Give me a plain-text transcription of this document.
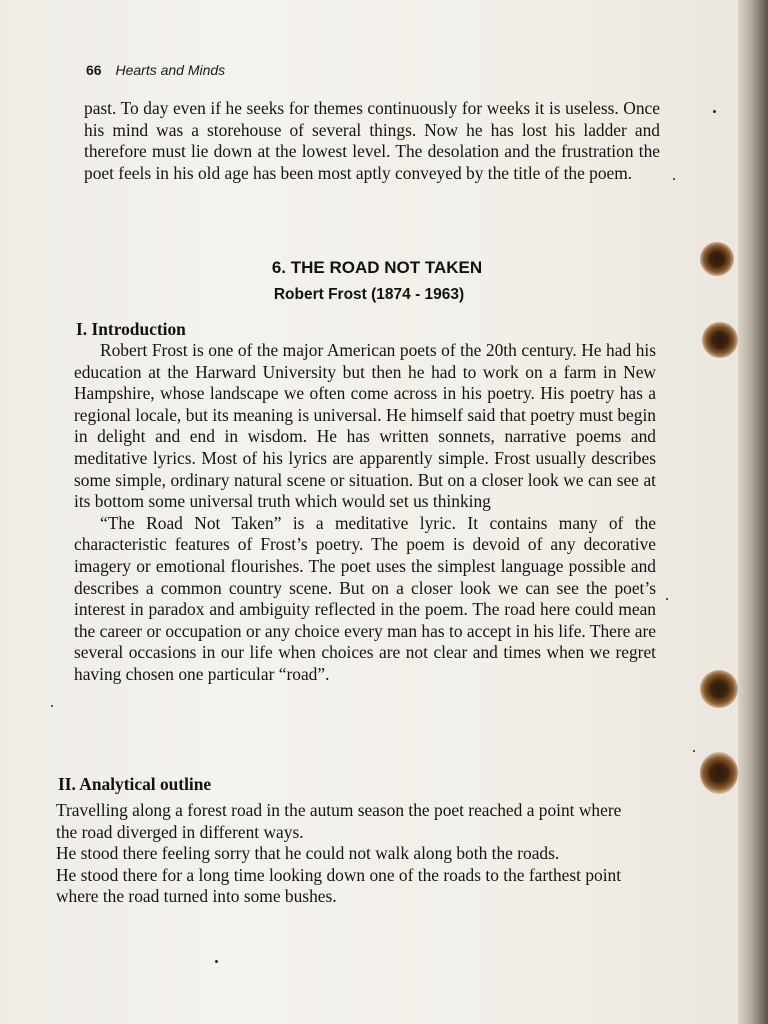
66 Hearts and Minds

past. To day even if he seeks for themes continuously for weeks it is useless. Once his mind was a storehouse of several things. Now he has lost his ladder and therefore must lie down at the lowest level. The desolation and the frustration the poet feels in his old age has been most aptly conveyed by the title of the poem.

6. THE ROAD NOT TAKEN
Robert Frost (1874 - 1963)
I. Introduction

Robert Frost is one of the major American poets of the 20th century. He had his education at the Harward University but then he had to work on a farm in New Hampshire, whose landscape we often come across in his poetry. His poetry has a regional locale, but its meaning is universal. He himself said that poetry must begin in delight and end in wisdom. He has written sonnets, narrative poems and meditative lyrics. Most of his lyrics are apparently simple. Frost usually describes some simple, ordinary natural scene or situation. But on a closer look we can see at its bottom some universal truth which would set us thinking

“The Road Not Taken” is a meditative lyric. It contains many of the characteristic features of Frost’s poetry. The poem is devoid of any decorative imagery or emotional flourishes. The poet uses the simplest language possible and describes a common country scene. But on a closer look we can see the poet’s interest in paradox and ambiguity reflected in the poem. The road here could mean the career or occupation or any choice every man has to accept in his life. There are several occasions in our life when choices are not clear and times when we regret having chosen one particular “road”.

II. Analytical outline

Travelling along a forest road in the autum season the poet reached a point where the road diverged in different ways.

He stood there feeling sorry that he could not walk along both the roads.

He stood there for a long time looking down one of the roads to the farthest point where the road turned into some bushes.
